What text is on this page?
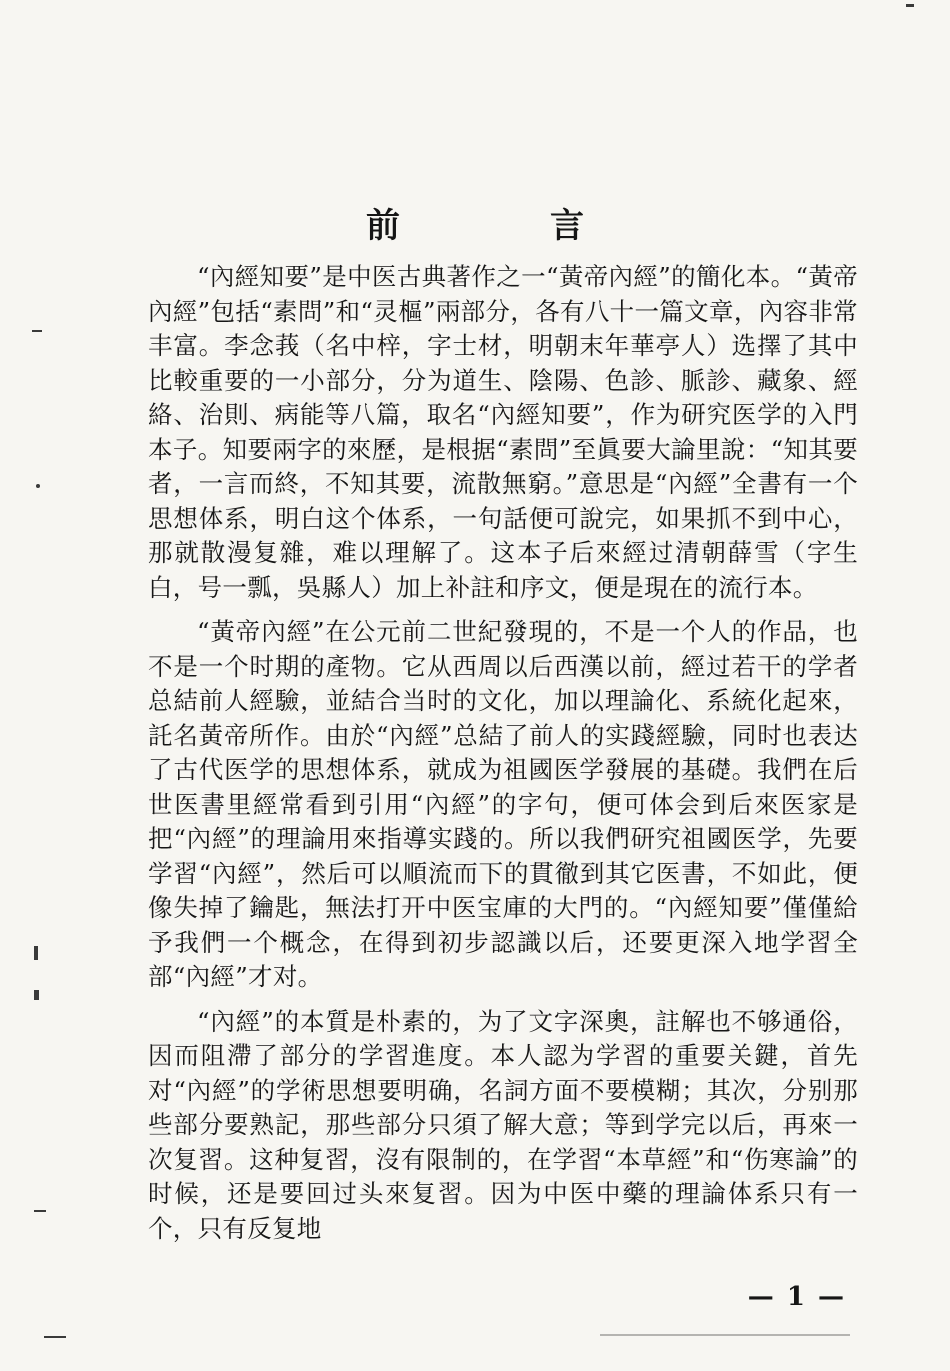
前　言

“內經知要”是中医古典著作之一“黃帝內經”的簡化本。“黃帝內經”包括“素問”和“灵樞”兩部分，各有八十一篇文章，內容非常丰富。李念莪（名中梓，字士材，明朝末年華亭人）选擇了其中比較重要的一小部分，分为道生、陰陽、色診、脈診、藏象、經絡、治則、病能等八篇，取名“內經知要”，作为研究医学的入門本子。知要兩字的來歷，是根据“素問”至眞要大論里說：“知其要者，一言而終，不知其要，流散無窮。”意思是“內經”全書有一个思想体系，明白这个体系，一句話便可說完，如果抓不到中心，那就散漫复雜，难以理解了。这本子后來經过清朝薛雪（字生白，号一瓢，吳縣人）加上补註和序文，便是現在的流行本。

“黃帝內經”在公元前二世紀發現的，不是一个人的作品，也不是一个时期的產物。它从西周以后西漢以前，經过若干的学者总結前人經驗，並結合当时的文化，加以理論化、系統化起來，託名黃帝所作。由於“內經”总結了前人的实踐經驗，同时也表达了古代医学的思想体系，就成为祖國医学發展的基礎。我們在后世医書里經常看到引用“內經”的字句，便可体会到后來医家是把“內經”的理論用來指導实踐的。所以我們研究祖國医学，先要学習“內經”，然后可以順流而下的貫徹到其它医書，不如此，便像失掉了鑰匙，無法打开中医宝庫的大門的。“內經知要”僅僅給予我們一个概念，在得到初步認識以后，还要更深入地学習全部“內經”才对。

“內經”的本質是朴素的，为了文字深奧，註解也不够通俗，因而阻滯了部分的学習進度。本人認为学習的重要关鍵，首先对“內經”的学術思想要明确，名詞方面不要模糊；其次，分别那些部分要熟記，那些部分只須了解大意；等到学完以后，再來一次复習。这种复習，沒有限制的，在学習“本草經”和“伤寒論”的时候，还是要回过头來复習。因为中医中藥的理論体系只有一个，只有反复地

— 1 —
